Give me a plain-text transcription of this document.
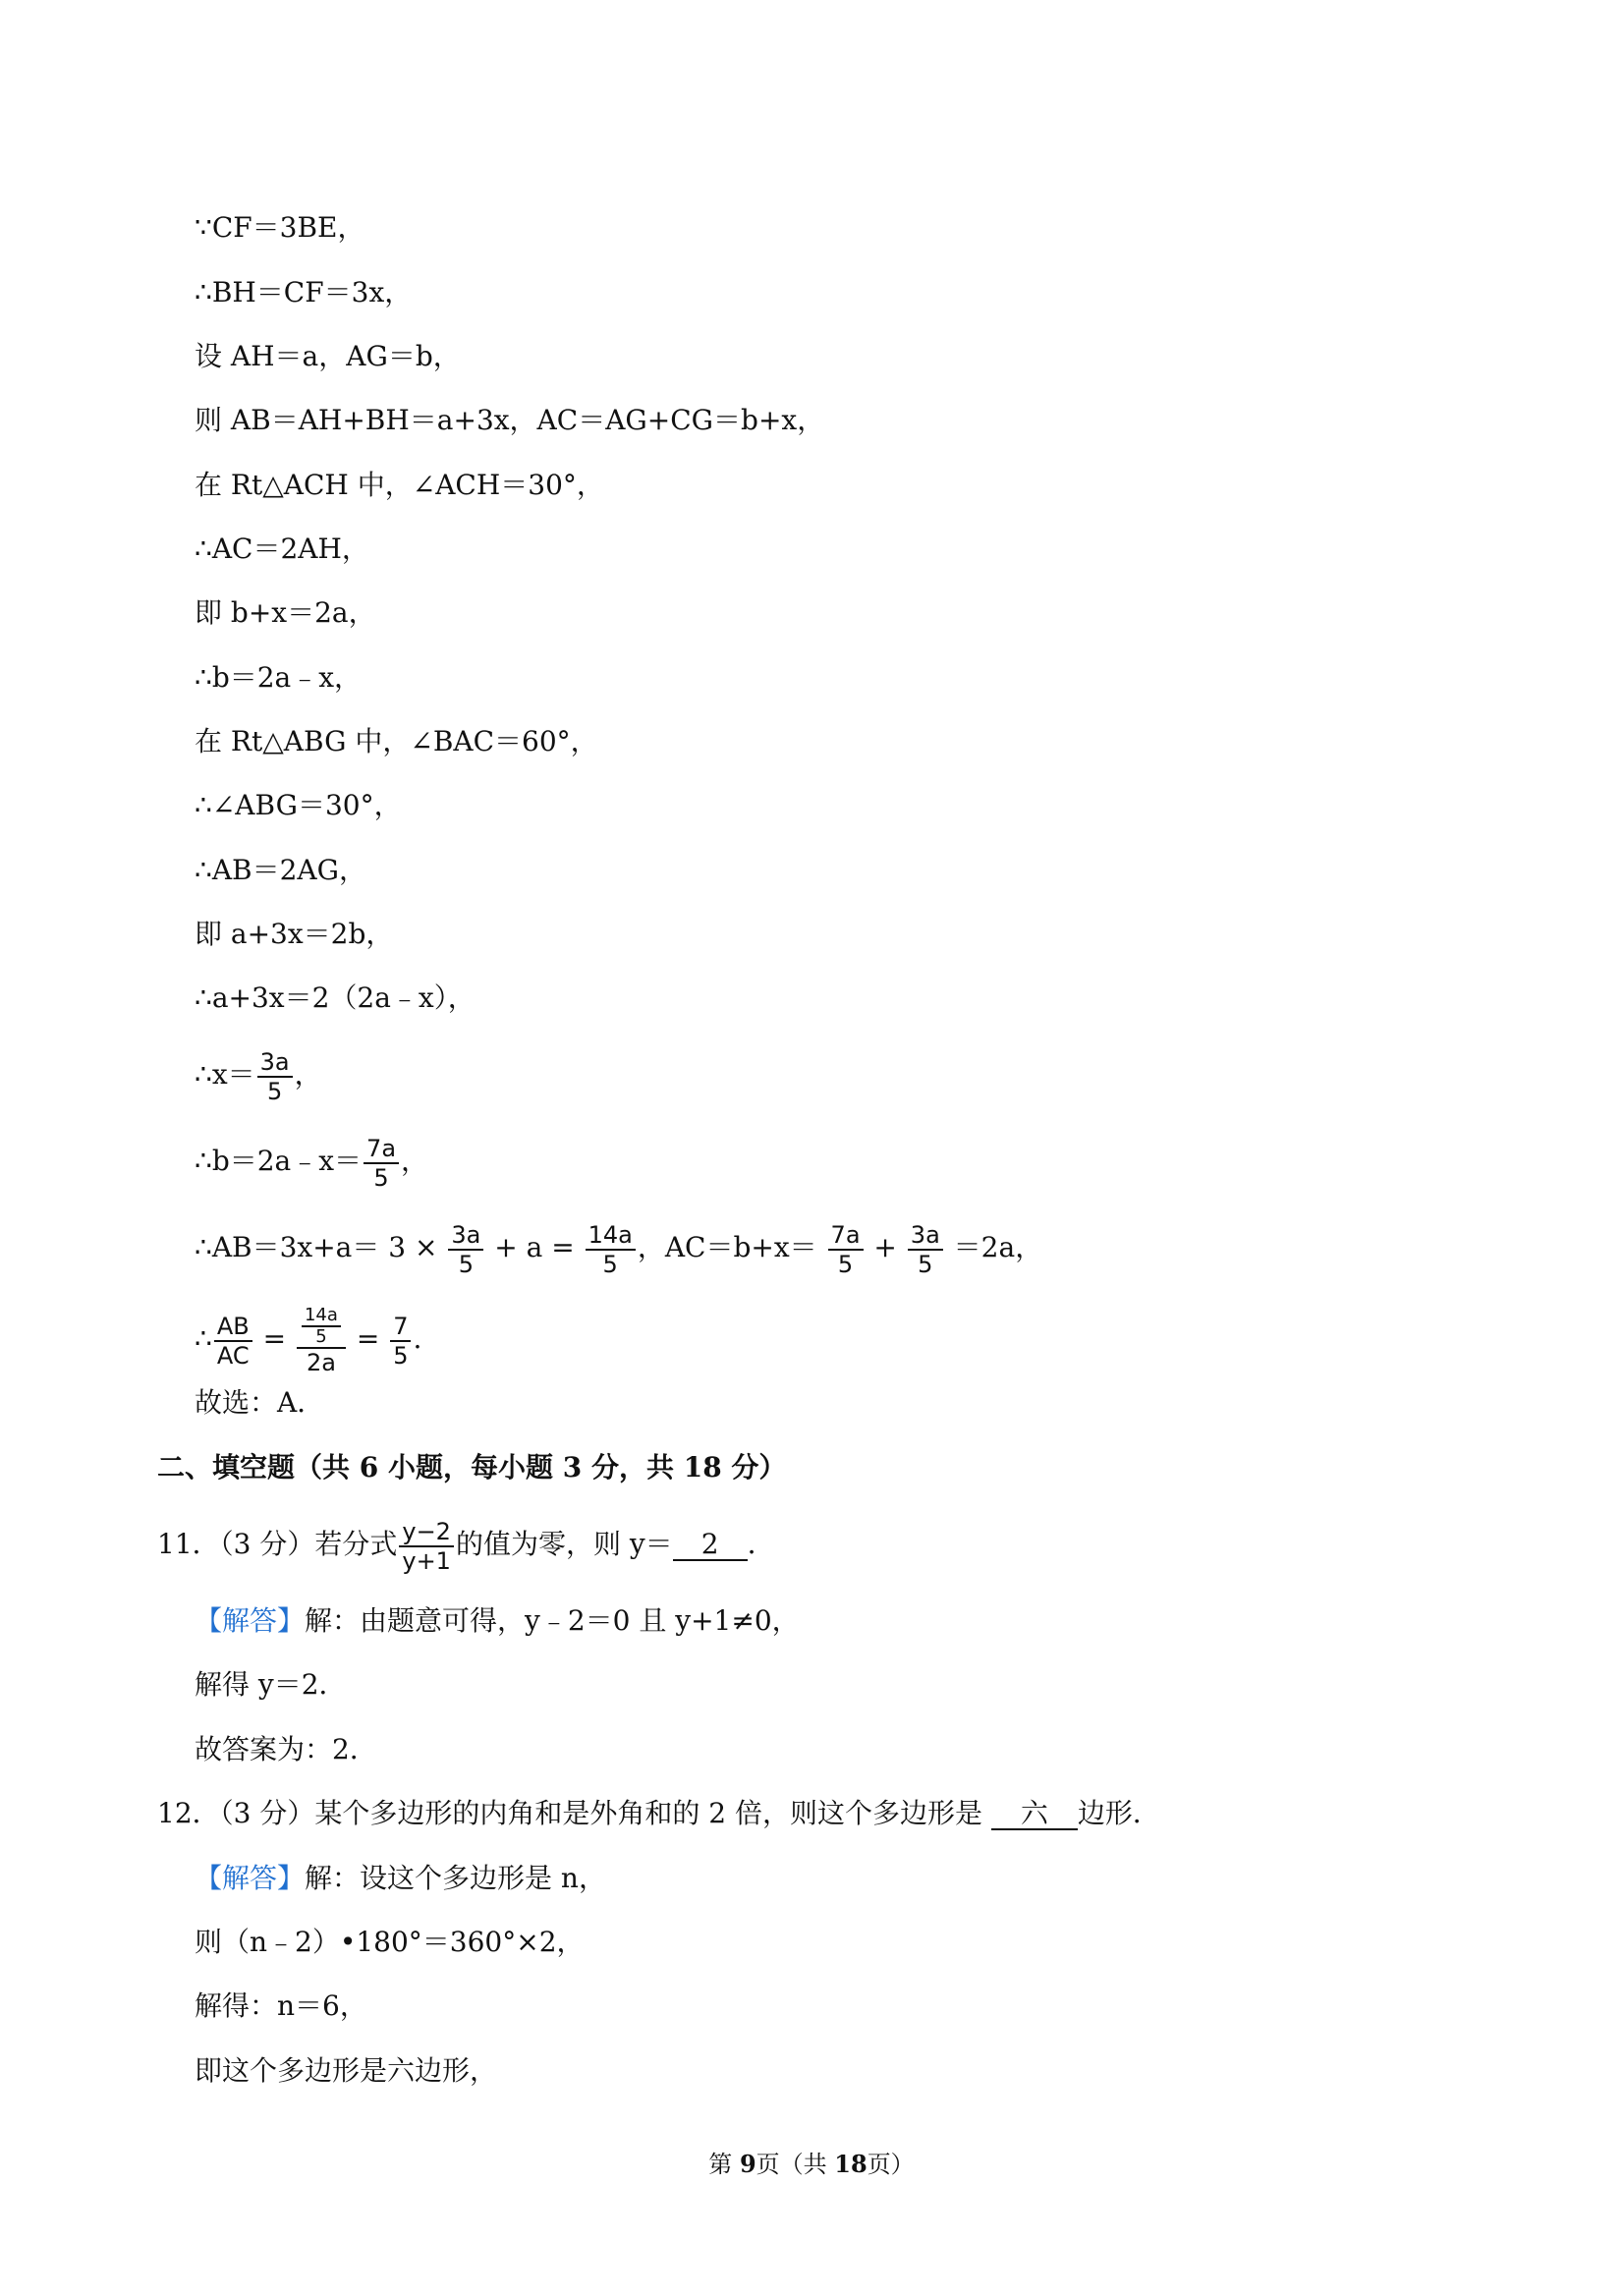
∵CF＝3BE，
∴BH＝CF＝3x，
设 AH＝a，AG＝b，
则 AB＝AH+BH＝a+3x，AC＝AG+CG＝b+x，
在 Rt△ACH 中，∠ACH＝30°，
∴AC＝2AH，
即 b+x＝2a，
∴b＝2a﹣x，
在 Rt△ABG 中，∠BAC＝60°，
∴∠ABG＝30°，
∴AB＝2AG，
即 a+3x＝2b，
∴a+3x＝2（2a﹣x），
∴x＝ $\frac{3a}{5}$ ，
∴b＝2a﹣x＝ $\frac{7a}{5}$ ，
∴AB＝3x+a＝ $3 \times \frac{3a}{5} + a = \frac{14a}{5}$ ，$AC=b+x= \frac{7a}{5} + \frac{3a}{5} =2a$，
∴ $\frac{AB}{AC} = \frac{\frac{14a}{5}}{2a} = \frac{7}{5}$ .
故选：A．
二、填空题（共 6 小题，每小题 3 分，共 18 分）
11．（3 分）若分式 $\frac{y-2}{y+1}$ 的值为零，则 y＝ 2 ．
【解答】解：由题意可得，y﹣2＝0 且 y+1≠0，
解得 y＝2．
故答案为：2．
12．（3 分）某个多边形的内角和是外角和的 2 倍，则这个多边形是 六 边形．
【解答】解：设这个多边形是 n，
则（n﹣2）•180°＝360°×2，
解得：n＝6，
即这个多边形是六边形，
第 9页（共 18页）
